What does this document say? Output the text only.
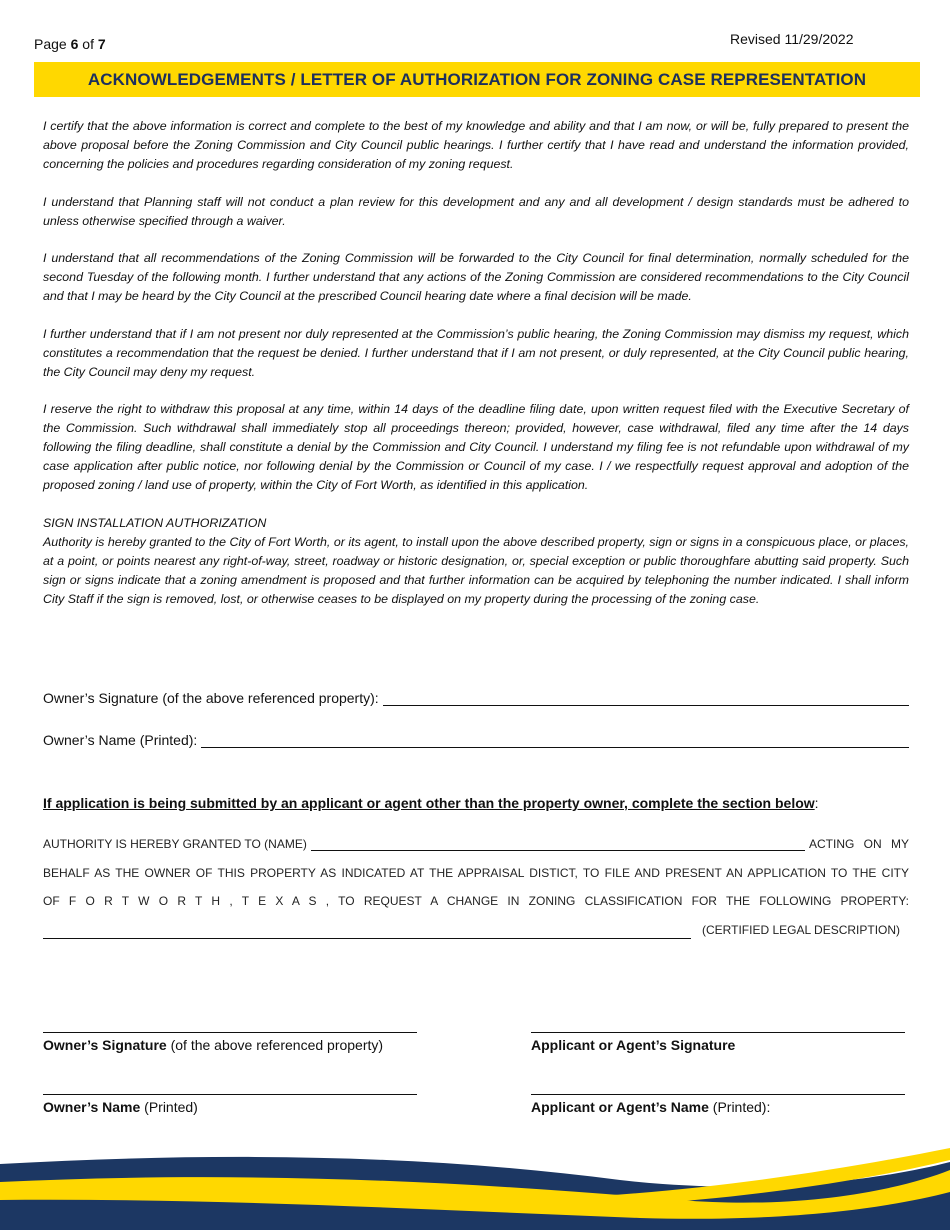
Page 6 of 7	Revised 11/29/2022
ACKNOWLEDGEMENTS / LETTER OF AUTHORIZATION FOR ZONING CASE REPRESENTATION

I certify that the above information is correct and complete to the best of my knowledge and ability and that I am now, or will be, fully prepared to present the above proposal before the Zoning Commission and City Council public hearings. I further certify that I have read and understand the information provided, concerning the policies and procedures regarding consideration of my zoning request.

I understand that Planning staff will not conduct a plan review for this development and any and all development / design standards must be adhered to unless otherwise specified through a waiver.

I understand that all recommendations of the Zoning Commission will be forwarded to the City Council for final determination, normally scheduled for the second Tuesday of the following month. I further understand that any actions of the Zoning Commission are considered recommendations to the City Council and that I may be heard by the City Council at the prescribed Council hearing date where a final decision will be made.

I further understand that if I am not present nor duly represented at the Commission’s public hearing, the Zoning Commission may dismiss my request, which constitutes a recommendation that the request be denied. I further understand that if I am not present, or duly represented, at the City Council public hearing, the City Council may deny my request.

I reserve the right to withdraw this proposal at any time, within 14 days of the deadline filing date, upon written request filed with the Executive Secretary of the Commission. Such withdrawal shall immediately stop all proceedings thereon; provided, however, case withdrawal, filed any time after the 14 days following the filing deadline, shall constitute a denial by the Commission and City Council. I understand my filing fee is not refundable upon withdrawal of my case application after public notice, nor following denial by the Commission or Council of my case. I / we respectfully request approval and adoption of the proposed zoning / land use of property, within the City of Fort Worth, as identified in this application.

SIGN INSTALLATION AUTHORIZATION
Authority is hereby granted to the City of Fort Worth, or its agent, to install upon the above described property, sign or signs in a conspicuous place, or places, at a point, or points nearest any right-of-way, street, roadway or historic designation, or, special exception or public thoroughfare abutting said property. Such sign or signs indicate that a zoning amendment is proposed and that further information can be acquired by telephoning the number indicated. I shall inform City Staff if the sign is removed, lost, or otherwise ceases to be displayed on my property during the processing of the zoning case.

Owner’s Signature (of the above referenced property):
Owner’s Name (Printed):
If application is being submitted by an applicant or agent other than the property owner, complete the section below:
AUTHORITY IS HEREBY GRANTED TO (NAME)	ACTING ON MY
BEHALF AS THE OWNER OF THIS PROPERTY AS INDICATED AT THE APPRAISAL DISTICT, TO FILE AND PRESENT AN APPLICATION TO THE CITY
OF F O R T W O R T H , T E X A S , TO REQUEST A CHANGE IN ZONING CLASSIFICATION FOR THE FOLLOWING PROPERTY:
(CERTIFIED LEGAL DESCRIPTION)
Owner’s Signature (of the above referenced property)	Applicant or Agent’s Signature
Owner’s Name (Printed)	Applicant or Agent’s Name (Printed):
